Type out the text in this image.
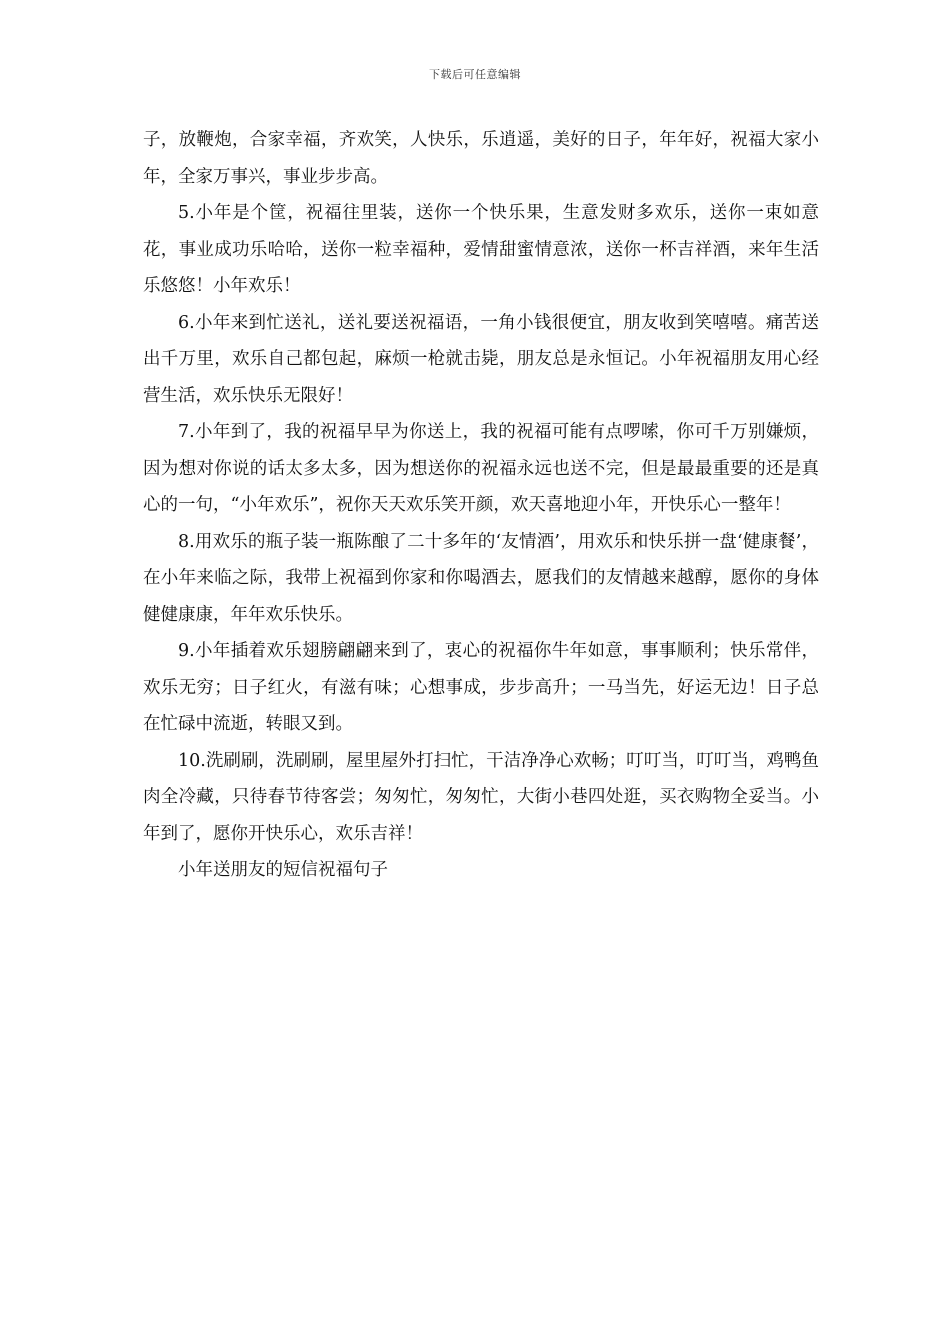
下载后可任意编辑

子，放鞭炮，合家幸福，齐欢笑，人快乐，乐逍遥，美好的日子，年年好，祝福大家小年，全家万事兴，事业步步高。

5.小年是个筐，祝福往里装，送你一个快乐果，生意发财多欢乐，送你一束如意花，事业成功乐哈哈，送你一粒幸福种，爱情甜蜜情意浓，送你一杯吉祥酒，来年生活乐悠悠！小年欢乐！

6.小年来到忙送礼，送礼要送祝福语，一角小钱很便宜，朋友收到笑嘻嘻。痛苦送出千万里，欢乐自己都包起，麻烦一枪就击毙，朋友总是永恒记。小年祝福朋友用心经营生活，欢乐快乐无限好！

7.小年到了，我的祝福早早为你送上，我的祝福可能有点啰嗦，你可千万别嫌烦，因为想对你说的话太多太多，因为想送你的祝福永远也送不完，但是最最重要的还是真心的一句，“小年欢乐”，祝你天天欢乐笑开颜，欢天喜地迎小年，开快乐心一整年！

8.用欢乐的瓶子装一瓶陈酿了二十多年的‘友情酒’，用欢乐和快乐拼一盘‘健康餐’，在小年来临之际，我带上祝福到你家和你喝酒去，愿我们的友情越来越醇，愿你的身体健健康康，年年欢乐快乐。

9.小年插着欢乐翅膀翩翩来到了，衷心的祝福你牛年如意，事事顺利；快乐常伴，欢乐无穷；日子红火，有滋有味；心想事成，步步高升；一马当先，好运无边！日子总在忙碌中流逝，转眼又到。

10.洗刷刷，洗刷刷，屋里屋外打扫忙，干洁净净心欢畅；叮叮当，叮叮当，鸡鸭鱼肉全冷藏，只待春节待客尝；匆匆忙，匆匆忙，大街小巷四处逛，买衣购物全妥当。小年到了，愿你开快乐心，欢乐吉祥！

小年送朋友的短信祝福句子
